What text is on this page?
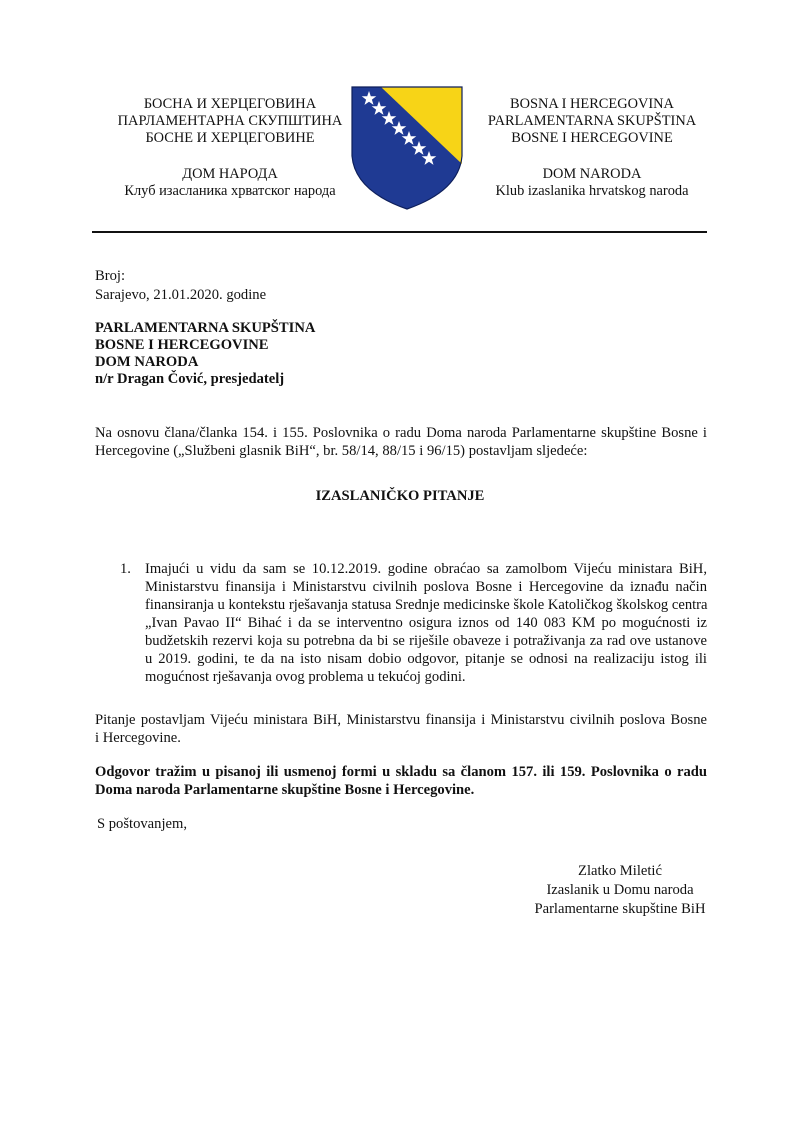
БОСНА И ХЕРЦЕГОВИНА
ПАРЛАМЕНТАРНА СКУПШТИНА
БОСНЕ И ХЕРЦЕГОВИНЕ
ДОМ НАРОДА
Клуб изасланика хрватског народа
BOSNA I HERCEGOVINA
PARLAMENTARNA SKUPŠTINA
BOSNE I HERCEGOVINE
DOM NARODA
Klub izaslanika hrvatskog naroda
Broj:
Sarajevo, 21.01.2020. godine
PARLAMENTARNA SKUPŠTINA
BOSNE I HERCEGOVINE
DOM NARODA
n/r Dragan Čović, presjedatelj
Na osnovu člana/članka 154. i 155. Poslovnika o radu Doma naroda Parlamentarne skupštine Bosne i
Hercegovine („Službeni glasnik BiH“, br. 58/14, 88/15 i 96/15) postavljam sljedeće:
IZASLANIČKO PITANJE
1. Imajući u vidu da sam se 10.12.2019. godine obraćao sa zamolbom Vijeću ministara BiH,
Ministarstvu finansija i Ministarstvu civilnih poslova Bosne i Hercegovine da iznađu način
finansiranja u kontekstu rješavanja statusa Srednje medicinske škole Katoličkog školskog centra
„Ivan Pavao II“ Bihać i da se interventno osigura iznos od 140 083 KM po mogućnosti iz
budžetskih rezervi koja su potrebna da bi se riješile obaveze i potraživanja za rad ove ustanove
u 2019. godini, te da na isto nisam dobio odgovor, pitanje se odnosi na realizaciju istog ili
mogućnost rješavanja ovog problema u tekućoj godini.
Pitanje postavljam Vijeću ministara BiH, Ministarstvu finansija i Ministarstvu civilnih poslova Bosne
i Hercegovine.
Odgovor tražim u pisanoj ili usmenoj formi u skladu sa članom 157. ili 159. Poslovnika o radu
Doma naroda Parlamentarne skupštine Bosne i Hercegovine.
S poštovanjem,
Zlatko Miletić
Izaslanik u Domu naroda
Parlamentarne skupštine BiH
